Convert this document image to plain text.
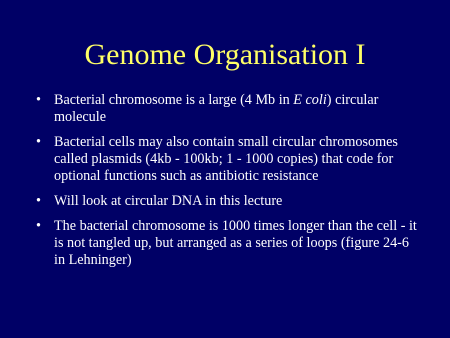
Genome Organisation I
• Bacterial chromosome is a large (4 Mb in E coli) circular molecule
• Bacterial cells may also contain small circular chromosomes called plasmids (4kb - 100kb; 1 - 1000 copies) that code for optional functions such as antibiotic resistance
• Will look at circular DNA in this lecture
• The bacterial chromosome is 1000 times longer than the cell - it is not tangled up, but arranged as a series of loops (figure 24-6 in Lehninger)
